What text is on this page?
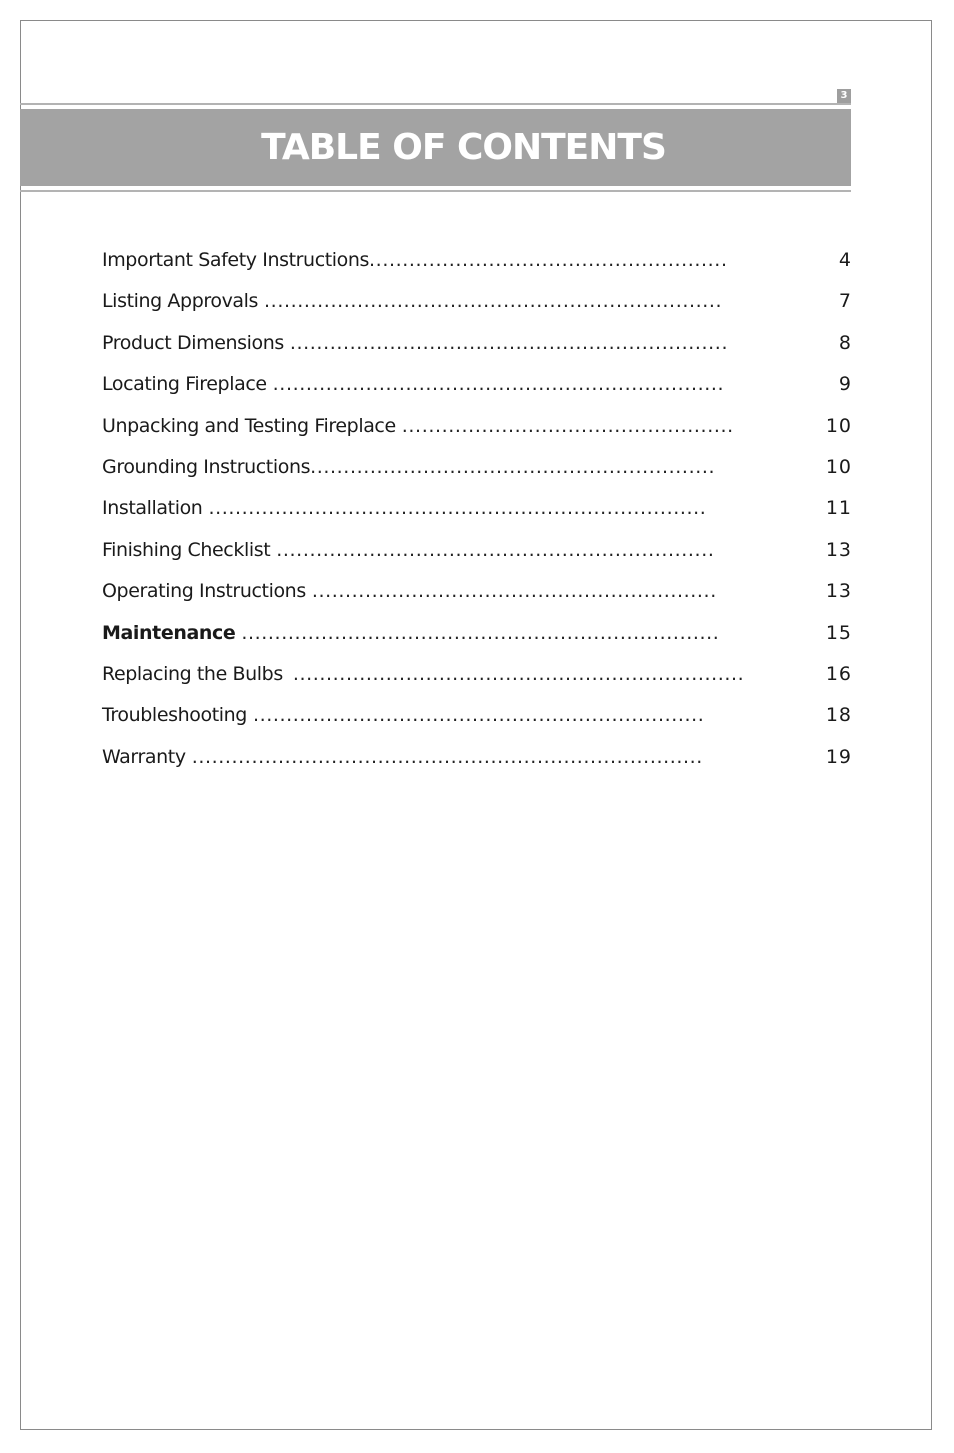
3
TABLE OF CONTENTS
Important Safety Instructions......................................................	4
Listing Approvals .....................................................................	7
Product Dimensions ..................................................................	8
Locating Fireplace ....................................................................	9
Unpacking and Testing Fireplace ..................................................	10
Grounding Instructions.............................................................	10
Installation ...........................................................................	11
Finishing Checklist ..................................................................	13
Operating Instructions .............................................................	13
Maintenance ........................................................................	15
Replacing the Bulbs ....................................................................	16
Troubleshooting ....................................................................	18
Warranty .............................................................................	19
